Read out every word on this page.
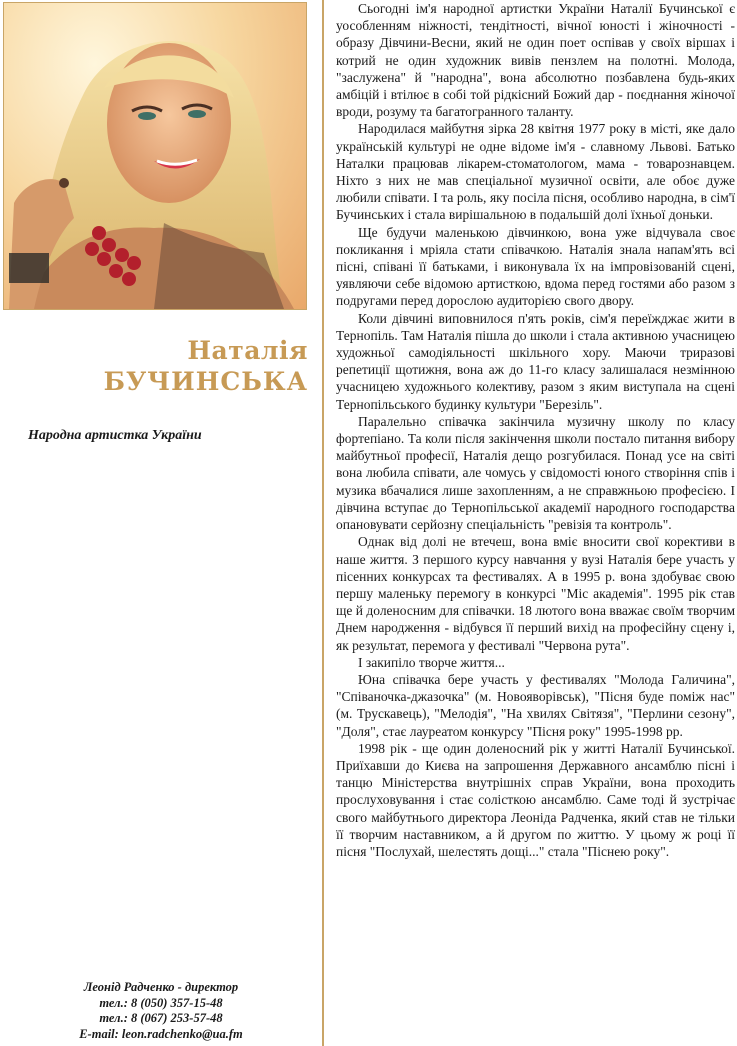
Наталія
БУЧИНСЬКА
Народна артистка України
Леонід Радченко - директор
тел.: 8 (050) 357-15-48
тел.: 8 (067) 253-57-48
E-mail: leon.radchenko@ua.fm

Сьогодні ім'я народної артистки України Наталії Бучинської є уособленням ніжності, тендітності, вічної юності і жіночності - образу Дівчини-Весни, який не один поет оспівав у своїх віршах і котрий не один художник вивів пензлем на полотні. Молода, "заслужена" й "народна", вона абсолютно позбавлена будь-яких амбіцій і втілює в собі той рідкісний Божий дар - поєднання жіночої вроди, розуму та багатогранного таланту.

Народилася майбутня зірка 28 квітня 1977 року в місті, яке дало українській культурі не одне відоме ім'я - славному Львові. Батько Наталки працював лікарем-стоматологом, мама - товарознавцем. Ніхто з них не мав спеціальної музичної освіти, але обоє дуже любили співати. І та роль, яку посіла пісня, особливо народна, в сім'ї Бучинських і стала вирішальною в подальшій долі їхньої доньки.

Ще будучи маленькою дівчинкою, вона уже відчувала своє покликання і мріяла стати співачкою. Наталія знала напам'ять всі пісні, співані її батьками, і виконувала їх на імпровізованій сцені, уявляючи себе відомою артисткою, вдома перед гостями або разом з подругами перед дорослою аудиторією свого двору.

Коли дівчині виповнилося п'ять років, сім'я переїжджає жити в Тернопіль. Там Наталія пішла до школи і стала активною учасницею художньої самодіяльності шкільного хору. Маючи триразові репетиції щотижня, вона аж до 11-го класу залишалася незмінною учасницею художнього колективу, разом з яким виступала на сцені Тернопільського будинку культури "Березіль".

Паралельно співачка закінчила музичну школу по класу фортепіано. Та коли після закінчення школи постало питання вибору майбутньої професії, Наталія дещо розгубилася. Понад усе на світі вона любила співати, але чомусь у свідомості юного створіння спів і музика вбачалися лише захопленням, а не справжньою професією. І дівчина вступає до Тернопільської академії народного господарства опановувати серйозну спеціальність "ревізія та контроль".

Однак від долі не втечеш, вона вміє вносити свої корективи в наше життя. З першого курсу навчання у вузі Наталія бере участь у пісенних конкурсах та фестивалях. А в 1995 р. вона здобуває свою першу маленьку перемогу в конкурсі "Міс академія". 1995 рік став ще й доленосним для співачки. 18 лютого вона вважає своїм творчим Днем народження - відбувся її перший вихід на професійну сцену і, як результат, перемога у фестивалі "Червона рута".

І закипіло творче життя...

Юна співачка бере участь у фестивалях "Молода Галичина", "Співаночка-джазочка" (м. Новояворівськ), "Пісня буде поміж нас" (м. Трускавець), "Мелодія", "На хвилях Світязя", "Перлини сезону", "Доля", стає лауреатом конкурсу "Пісня року" 1995-1998 рр.

1998 рік - ще один доленосний рік у житті Наталії Бучинської. Приїхавши до Києва на запрошення Державного ансамблю пісні і танцю Міністерства внутрішніх справ України, вона проходить прослуховування і стає солісткою ансамблю. Саме тоді й зустрічає свого майбутнього директора Леоніда Радченка, який став не тільки її творчим наставником, а й другом по життю. У цьому ж році її пісня "Послухай, шелестять дощі..." стала "Піснею року".
